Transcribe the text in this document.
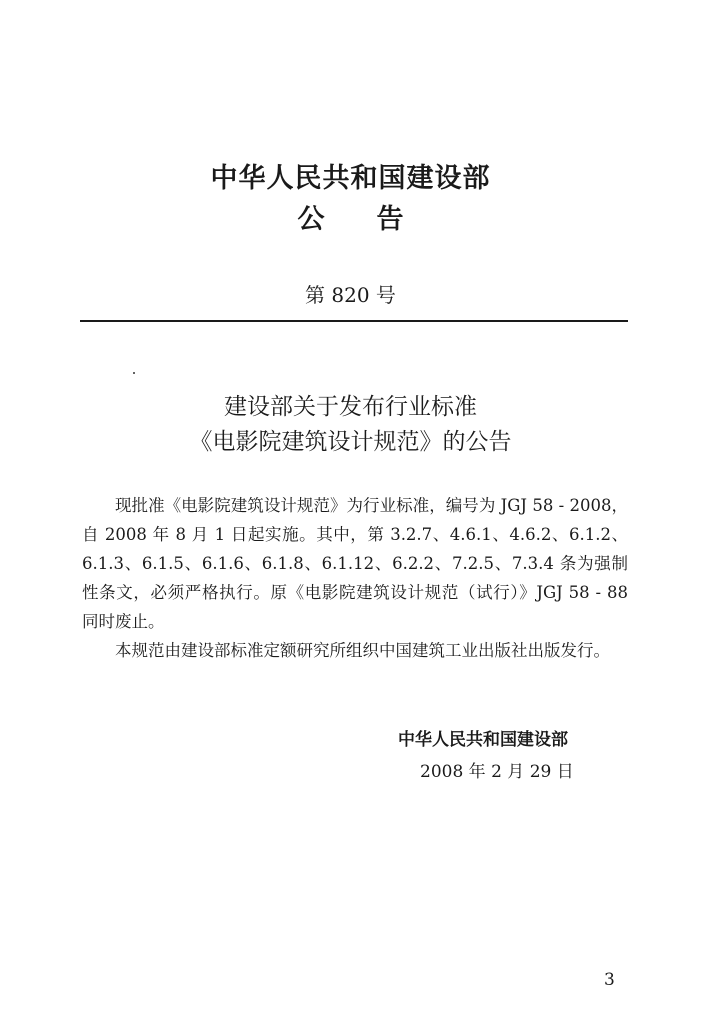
中华人民共和国建设部
公告
第 820 号
建设部关于发布行业标准
《电影院建筑设计规范》的公告

现批准《电影院建筑设计规范》为行业标准，编号为 JGJ 58 - 2008，自 2008 年 8 月 1 日起实施。其中，第 3.2.7、4.6.1、4.6.2、6.1.2、6.1.3、6.1.5、6.1.6、6.1.8、6.1.12、6.2.2、7.2.5、7.3.4 条为强制性条文，必须严格执行。原《电影院建筑设计规范（试行）》JGJ 58 - 88 同时废止。

本规范由建设部标准定额研究所组织中国建筑工业出版社出版发行。

中华人民共和国建设部
2008 年 2 月 29 日
3
